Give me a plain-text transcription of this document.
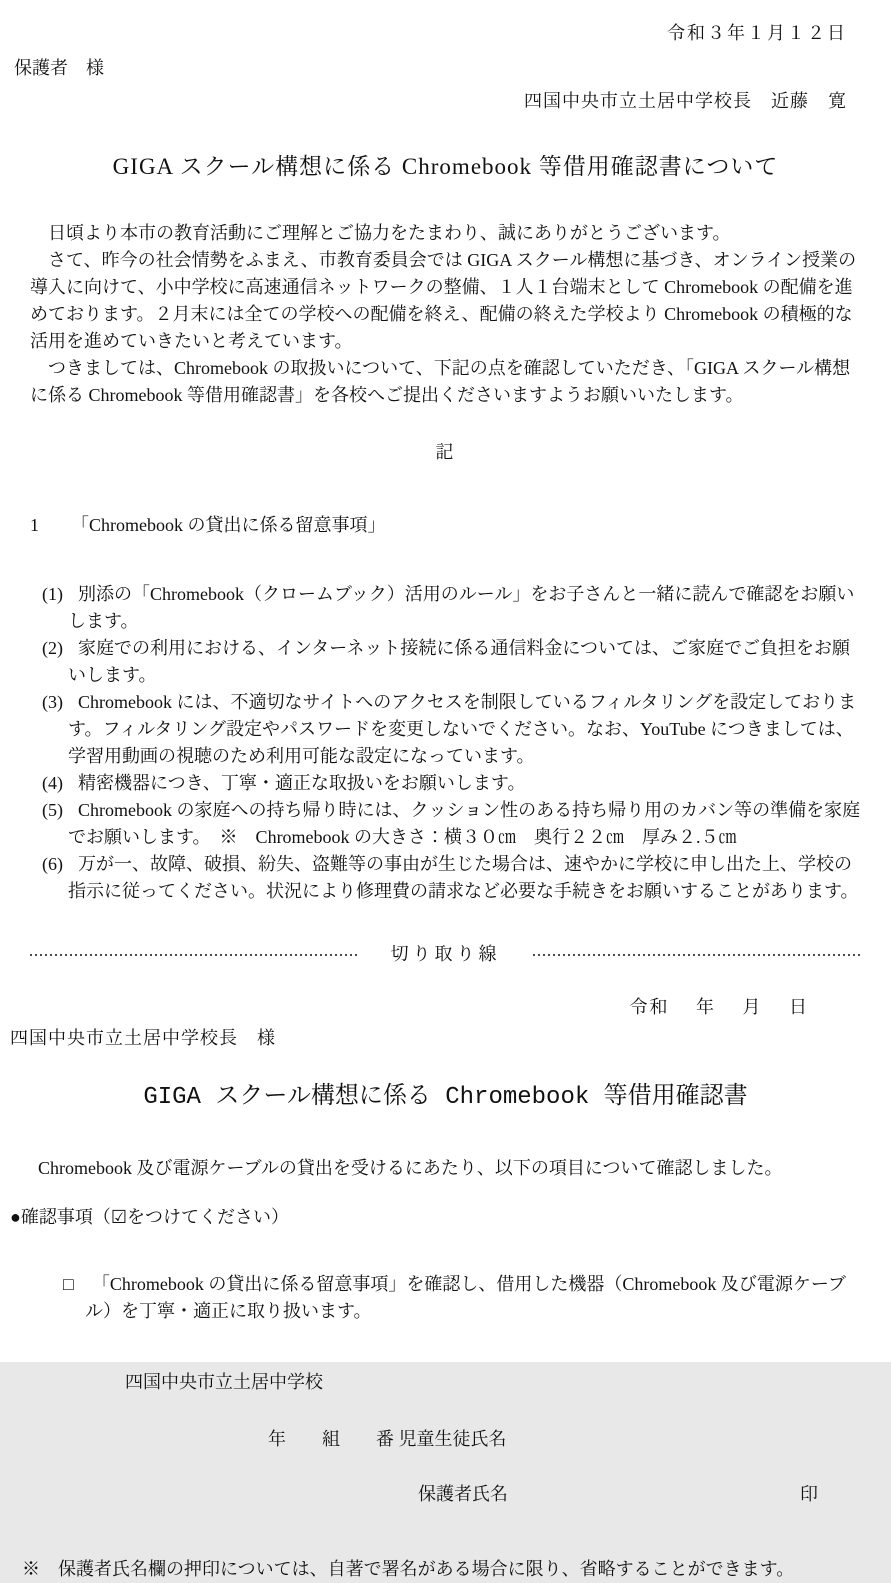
令和３年１月１２日
保護者　様
四国中央市立土居中学校長　近藤　寛
GIGA スクール構想に係る Chromebook 等借用確認書について

　日頃より本市の教育活動にご理解とご協力をたまわり、誠にありがとうございます。

　さて、昨今の社会情勢をふまえ、市教育委員会では GIGA スクール構想に基づき、オンライン授業の導入に向けて、小中学校に高速通信ネットワークの整備、１人１台端末として Chromebook の配備を進めております。２月末には全ての学校への配備を終え、配備の終えた学校より Chromebook の積極的な活用を進めていきたいと考えています。

　つきましては、Chromebook の取扱いについて、下記の点を確認していただき、「GIGA スクール構想に係る Chromebook 等借用確認書」を各校へご提出くださいますようお願いいたします。

記
1 「Chromebook の貸出に係る留意事項」

(1) 別添の「Chromebook（クロームブック）活用のルール」をお子さんと一緒に読んで確認をお願いします。

(2) 家庭での利用における、インターネット接続に係る通信料金については、ご家庭でご負担をお願いします。

(3) Chromebook には、不適切なサイトへのアクセスを制限しているフィルタリングを設定しております。フィルタリング設定やパスワードを変更しないでください。なお、YouTube につきましては、学習用動画の視聴のため利用可能な設定になっています。

(4) 精密機器につき、丁寧・適正な取扱いをお願いします。

(5) Chromebook の家庭への持ち帰り時には、クッション性のある持ち帰り用のカバン等の準備を家庭でお願いします。　※　Chromebook の大きさ：横３０㎝　奥行２２㎝　厚み２.５㎝

(6) 万が一、故障、破損、紛失、盗難等の事由が生じた場合は、速やかに学校に申し出た上、学校の指示に従ってください。状況により修理費の請求など必要な手続きをお願いすることがあります。

切り取り線
令和　 年　 月　 日
四国中央市立土居中学校長　様
GIGA スクール構想に係る Chromebook 等借用確認書

Chromebook 及び電源ケーブルの貸出を受けるにあたり、以下の項目について確認しました。

●確認事項（☑をつけてください）

□ 「Chromebook の貸出に係る留意事項」を確認し、借用した機器（Chromebook 及び電源ケーブル）を丁寧・適正に取り扱います。

四国中央市立土居中学校
年　　組　　番 児童生徒氏名
保護者氏名	印
※　保護者氏名欄の押印については、自著で署名がある場合に限り、省略することができます。
